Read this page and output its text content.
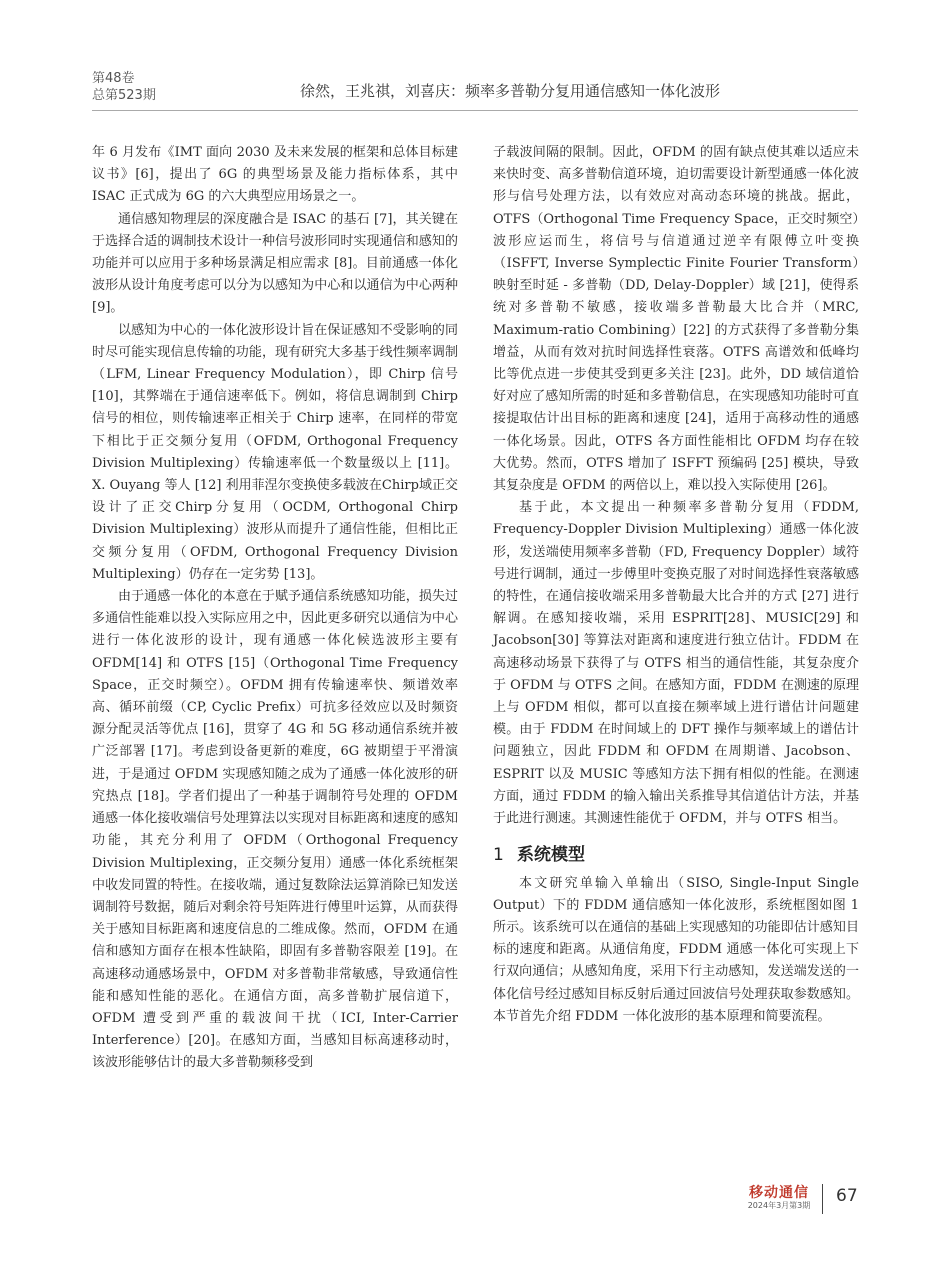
第48卷
总第523期	徐然，王兆祺，刘喜庆：频率多普勒分复用通信感知一体化波形

年 6 月发布《IMT 面向 2030 及未来发展的框架和总体目标建议书》[6]，提出了 6G 的典型场景及能力指标体系，其中 ISAC 正式成为 6G 的六大典型应用场景之一。

通信感知物理层的深度融合是 ISAC 的基石 [7]，其关键在于选择合适的调制技术设计一种信号波形同时实现通信和感知的功能并可以应用于多种场景满足相应需求 [8]。目前通感一体化波形从设计角度考虑可以分为以感知为中心和以通信为中心两种 [9]。

以感知为中心的一体化波形设计旨在保证感知不受影响的同时尽可能实现信息传输的功能，现有研究大多基于线性频率调制（LFM, Linear Frequency Modulation），即 Chirp 信号 [10]，其弊端在于通信速率低下。例如，将信息调制到 Chirp 信号的相位，则传输速率正相关于 Chirp 速率，在同样的带宽下相比于正交频分复用（OFDM, Orthogonal Frequency Division Multiplexing）传输速率低一个数量级以上 [11]。X. Ouyang 等人 [12] 利用菲涅尔变换使多载波在Chirp域正交设计了正交Chirp分复用（OCDM, Orthogonal Chirp Division Multiplexing）波形从而提升了通信性能，但相比正交频分复用（OFDM, Orthogonal Frequency Division Multiplexing）仍存在一定劣势 [13]。

由于通感一体化的本意在于赋予通信系统感知功能，损失过多通信性能难以投入实际应用之中，因此更多研究以通信为中心进行一体化波形的设计，现有通感一体化候选波形主要有 OFDM[14] 和 OTFS [15]（Orthogonal Time Frequency Space，正交时频空）。OFDM 拥有传输速率快、频谱效率高、循环前缀（CP, Cyclic Prefix）可抗多径效应以及时频资源分配灵活等优点 [16]，贯穿了 4G 和 5G 移动通信系统并被广泛部署 [17]。考虑到设备更新的难度，6G 被期望于平滑演进，于是通过 OFDM 实现感知随之成为了通感一体化波形的研究热点 [18]。学者们提出了一种基于调制符号处理的 OFDM 通感一体化接收端信号处理算法以实现对目标距离和速度的感知功能，其充分利用了 OFDM（Orthogonal Frequency Division Multiplexing，正交频分复用）通感一体化系统框架中收发同置的特性。在接收端，通过复数除法运算消除已知发送调制符号数据，随后对剩余符号矩阵进行傅里叶运算，从而获得关于感知目标距离和速度信息的二维成像。然而，OFDM 在通信和感知方面存在根本性缺陷，即固有多普勒容限差 [19]。在高速移动通感场景中，OFDM 对多普勒非常敏感，导致通信性能和感知性能的恶化。在通信方面，高多普勒扩展信道下，OFDM 遭受到严重的载波间干扰（ICI, Inter-Carrier Interference）[20]。在感知方面，当感知目标高速移动时，该波形能够估计的最大多普勒频移受到

子载波间隔的限制。因此，OFDM 的固有缺点使其难以适应未来快时变、高多普勒信道环境，迫切需要设计新型通感一体化波形与信号处理方法，以有效应对高动态环境的挑战。据此，OTFS（Orthogonal Time Frequency Space，正交时频空）波形应运而生，将信号与信道通过逆辛有限傅立叶变换（ISFFT, Inverse Symplectic Finite Fourier Transform）映射至时延 - 多普勒（DD, Delay-Doppler）域 [21]，使得系统对多普勒不敏感，接收端多普勒最大比合并（MRC, Maximum-ratio Combining）[22] 的方式获得了多普勒分集增益，从而有效对抗时间选择性衰落。OTFS 高谱效和低峰均比等优点进一步使其受到更多关注 [23]。此外，DD 域信道恰好对应了感知所需的时延和多普勒信息，在实现感知功能时可直接提取估计出目标的距离和速度 [24]，适用于高移动性的通感一体化场景。因此，OTFS 各方面性能相比 OFDM 均存在较大优势。然而，OTFS 增加了 ISFFT 预编码 [25] 模块，导致其复杂度是 OFDM 的两倍以上，难以投入实际使用 [26]。

基于此，本文提出一种频率多普勒分复用（FDDM, Frequency-Doppler Division Multiplexing）通感一体化波形，发送端使用频率多普勒（FD, Frequency Doppler）域符号进行调制，通过一步傅里叶变换克服了对时间选择性衰落敏感的特性，在通信接收端采用多普勒最大比合并的方式 [27] 进行解调。在感知接收端，采用 ESPRIT[28]、MUSIC[29] 和 Jacobson[30] 等算法对距离和速度进行独立估计。FDDM 在高速移动场景下获得了与 OTFS 相当的通信性能，其复杂度介于 OFDM 与 OTFS 之间。在感知方面，FDDM 在测速的原理上与 OFDM 相似，都可以直接在频率域上进行谱估计问题建模。由于 FDDM 在时间域上的 DFT 操作与频率域上的谱估计问题独立，因此 FDDM 和 OFDM 在周期谱、Jacobson、ESPRIT 以及 MUSIC 等感知方法下拥有相似的性能。在测速方面，通过 FDDM 的输入输出关系推导其信道估计方法，并基于此进行测速。其测速性能优于 OFDM，并与 OTFS 相当。

1 系统模型

本文研究单输入单输出（SISO, Single-Input Single Output）下的 FDDM 通信感知一体化波形，系统框图如图 1 所示。该系统可以在通信的基础上实现感知的功能即估计感知目标的速度和距离。从通信角度，FDDM 通感一体化可实现上下行双向通信；从感知角度，采用下行主动感知，发送端发送的一体化信号经过感知目标反射后通过回波信号处理获取参数感知。本节首先介绍 FDDM 一体化波形的基本原理和简要流程。

移动通信
2024年3月第3期 67
